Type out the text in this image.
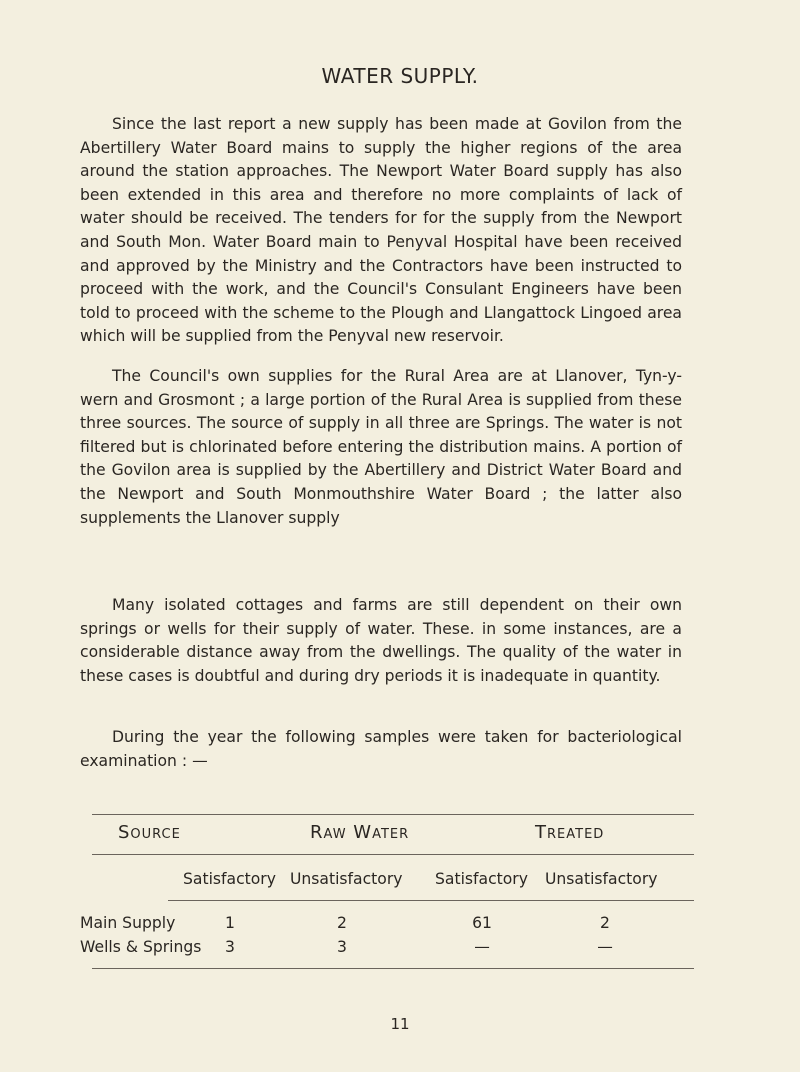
WATER SUPPLY.

Since the last report a new supply has been made at Govilon from the Abertillery Water Board mains to supply the higher regions of the area around the station approaches. The Newport Water Board supply has also been extended in this area and therefore no more complaints of lack of water should be received. The tenders for for the supply from the Newport and South Mon. Water Board main to Penyval Hospital have been received and approved by the Ministry and the Contractors have been instructed to proceed with the work, and the Council's Consulant Engineers have been told to proceed with the scheme to the Plough and Llangattock Lingoed area which will be supplied from the Penyval new reservoir.

The Council's own supplies for the Rural Area are at Llanover, Tyn-y-wern and Grosmont ; a large portion of the Rural Area is supplied from these three sources. The source of supply in all three are Springs. The water is not filtered but is chlorinated before entering the distribution mains. A portion of the Govilon area is supplied by the Abertillery and District Water Board and the Newport and South Monmouthshire Water Board ; the latter also supplements the Llanover supply

Many isolated cottages and farms are still dependent on their own springs or wells for their supply of water. These. in some instances, are a considerable distance away from the dwellings. The quality of the water in these cases is doubtful and during dry periods it is inadequate in quantity.

During the year the following samples were taken for bacteriological examination : —

Source	Raw Water	Treated
Satisfactory Unsatisfactory Satisfactory Unsatisfactory
Main Supply	1	2	61	2
Wells & Springs	3	3	—	—
11
